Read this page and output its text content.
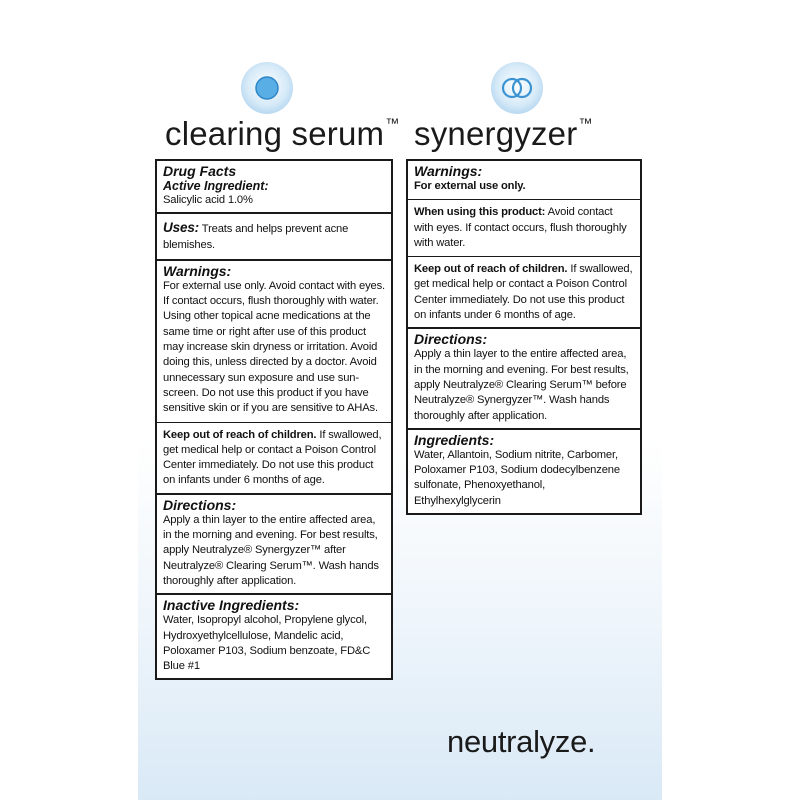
clearing serum™ synergyzer™
Drug Facts
Active Ingredient:
Salicylic acid 1.0%
Uses: Treats and helps prevent acne blemishes.
Warnings:
For external use only. Avoid contact with eyes. If contact occurs, flush thoroughly with water. Using other topical acne medications at the same time or right after use of this product may increase skin dryness or irritation. Avoid doing this, unless directed by a doctor. Avoid unnecessary sun exposure and use sun-screen. Do not use this product if you have sensitive skin or if you are sensitive to AHAs.
Keep out of reach of children. If swallowed, get medical help or contact a Poison Control Center immediately. Do not use this product on infants under 6 months of age.
Directions:
Apply a thin layer to the entire affected area, in the morning and evening. For best results, apply Neutralyze® Synergyzer™ after Neutralyze® Clearing Serum™. Wash hands thoroughly after application.
Inactive Ingredients:
Water, Isopropyl alcohol, Propylene glycol, Hydroxyethylcellulose, Mandelic acid, Poloxamer P103, Sodium benzoate, FD&C Blue #1
Warnings:
For external use only.
When using this product: Avoid contact with eyes. If contact occurs, flush thoroughly with water.
Keep out of reach of children. If swallowed, get medical help or contact a Poison Control Center immediately. Do not use this product on infants under 6 months of age.
Directions:
Apply a thin layer to the entire affected area, in the morning and evening. For best results, apply Neutralyze® Clearing Serum™ before Neutralyze® Synergyzer™. Wash hands thoroughly after application.
Ingredients:
Water, Allantoin, Sodium nitrite, Carbomer, Poloxamer P103, Sodium dodecylbenzene sulfonate, Phenoxyethanol, Ethylhexylglycerin
neutralyze.
